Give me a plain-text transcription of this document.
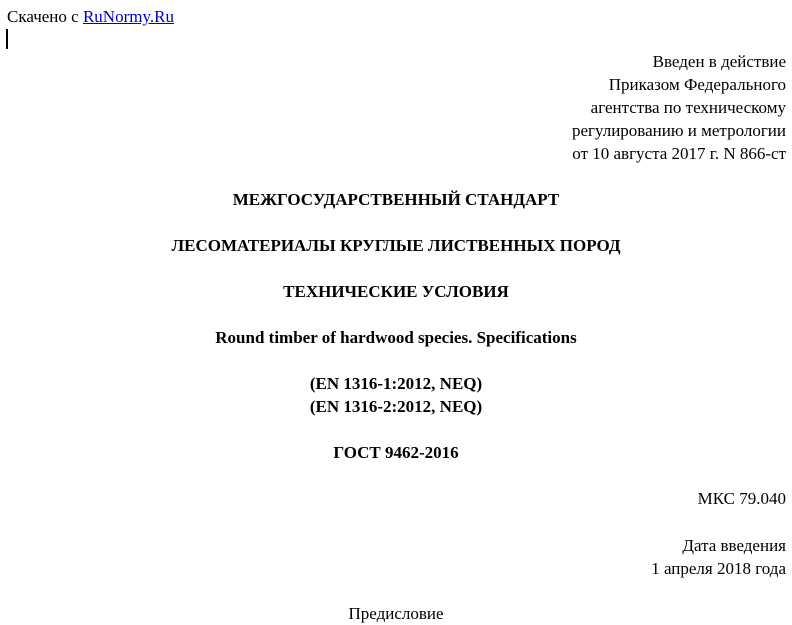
Скачено с RuNormy.Ru
Введен в действие
Приказом Федерального
агентства по техническому
регулированию и метрологии
от 10 августа 2017 г. N 866-ст
МЕЖГОСУДАРСТВЕННЫЙ СТАНДАРТ
ЛЕСОМАТЕРИАЛЫ КРУГЛЫЕ ЛИСТВЕННЫХ ПОРОД
ТЕХНИЧЕСКИЕ УСЛОВИЯ
Round timber of hardwood species. Specifications
(EN 1316-1:2012, NEQ)
(EN 1316-2:2012, NEQ)
ГОСТ 9462-2016
МКС 79.040
Дата введения
1 апреля 2018 года
Предисловие
